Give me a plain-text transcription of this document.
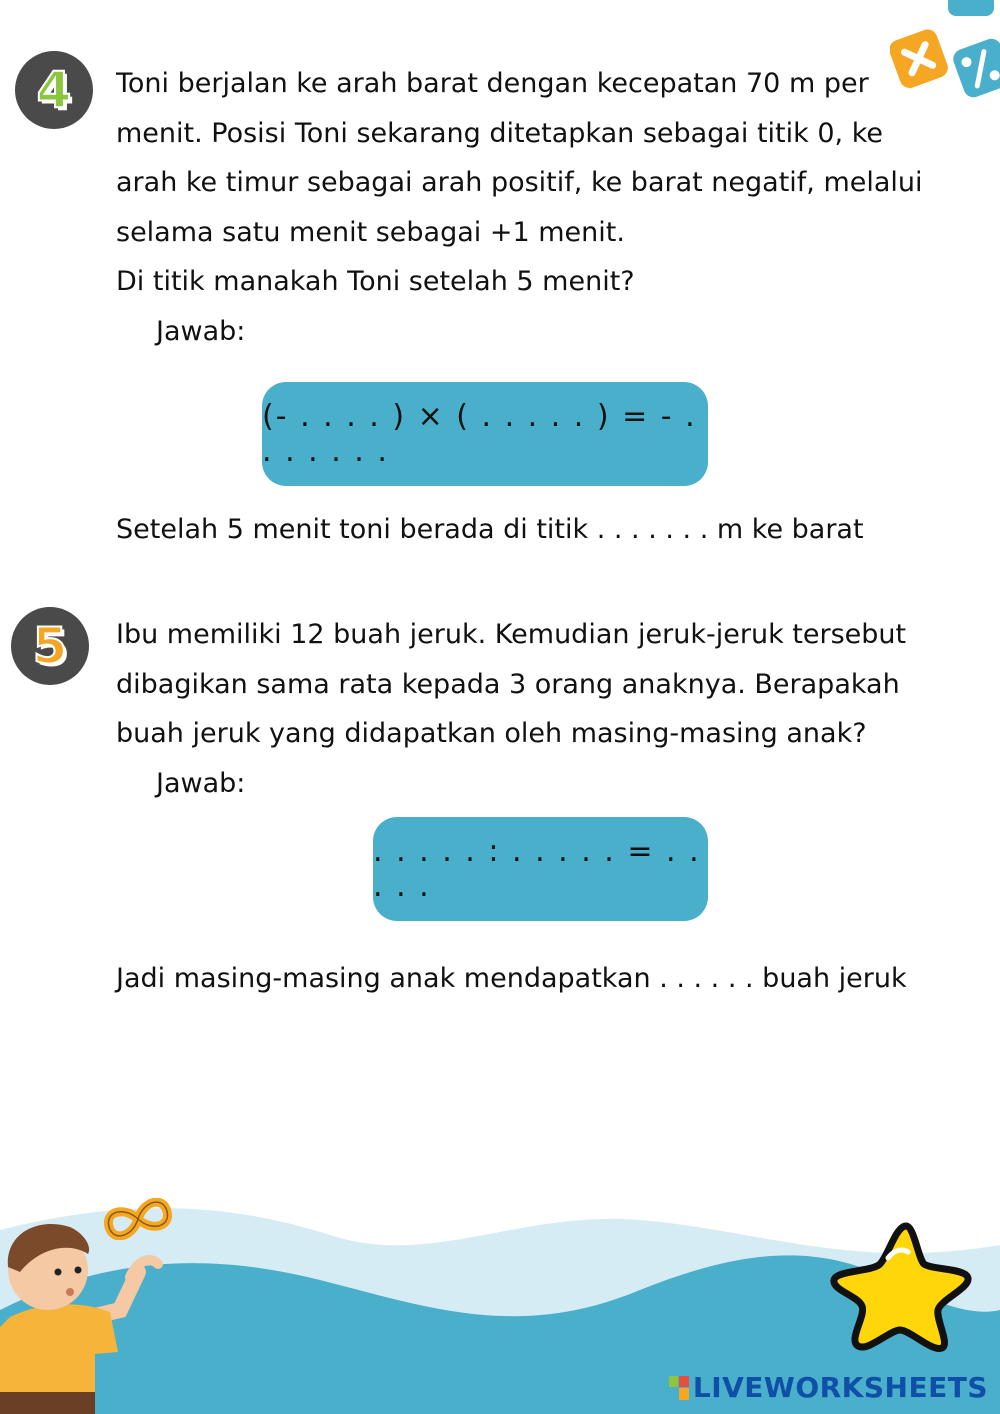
4 Toni berjalan ke arah barat dengan kecepatan 70 m per
menit. Posisi Toni sekarang ditetapkan sebagai titik 0, ke
arah ke timur sebagai arah positif, ke barat negatif, melalui
selama satu menit sebagai +1 menit.
Di titik manakah Toni setelah 5 menit?
Jawab:
(- . . . . ) × ( . . . . . ) = - . . . . . . .
Setelah 5 menit toni berada di titik . . . . . . . m ke barat
5 Ibu memiliki 12 buah jeruk. Kemudian jeruk-jeruk tersebut
dibagikan sama rata kepada 3 orang anaknya. Berapakah
buah jeruk yang didapatkan oleh masing-masing anak?
Jawab:
. . . . . : . . . . . = . . . . .
Jadi masing-masing anak mendapatkan . . . . . . buah jeruk
LIVEWORKSHEETS
